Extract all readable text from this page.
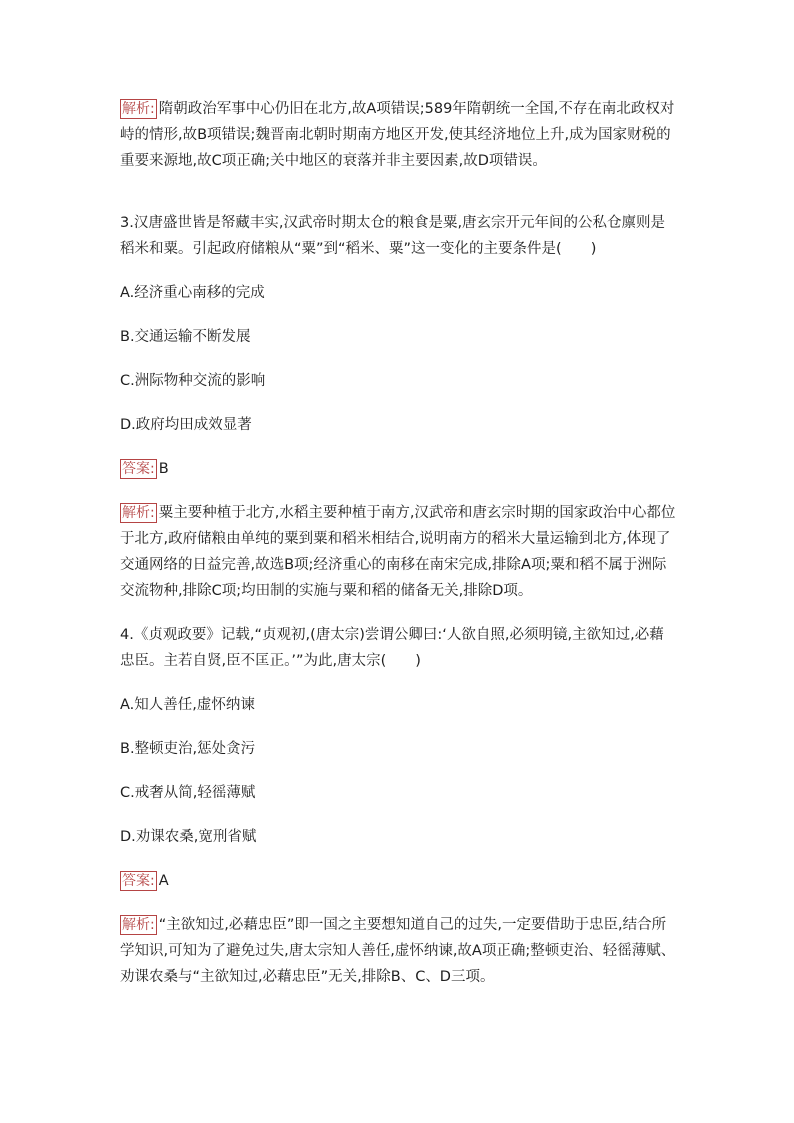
解析: 隋朝政治军事中心仍旧在北方,故A项错误;589年隋朝统一全国,不存在南北政权对峙的情形,故B项错误;魏晋南北朝时期南方地区开发,使其经济地位上升,成为国家财税的重要来源地,故C项正确;关中地区的衰落并非主要因素,故D项错误。

3.汉唐盛世皆是帑藏丰实,汉武帝时期太仓的粮食是粟,唐玄宗开元年间的公私仓廪则是稻米和粟。引起政府储粮从“粟”到“稻米、粟”这一变化的主要条件是(　　)

A.经济重心南移的完成

B.交通运输不断发展

C.洲际物种交流的影响

D.政府均田成效显著

答案: B

解析: 粟主要种植于北方,水稻主要种植于南方,汉武帝和唐玄宗时期的国家政治中心都位于北方,政府储粮由单纯的粟到粟和稻米相结合,说明南方的稻米大量运输到北方,体现了交通网络的日益完善,故选B项;经济重心的南移在南宋完成,排除A项;粟和稻不属于洲际交流物种,排除C项;均田制的实施与粟和稻的储备无关,排除D项。

4.《贞观政要》记载,“贞观初,(唐太宗)尝谓公卿曰:‘人欲自照,必须明镜,主欲知过,必藉忠臣。主若自贤,臣不匡正。’”为此,唐太宗(　　)

A.知人善任,虚怀纳谏

B.整顿吏治,惩处贪污

C.戒奢从简,轻徭薄赋

D.劝课农桑,宽刑省赋

答案: A

解析: “主欲知过,必藉忠臣”即一国之主要想知道自己的过失,一定要借助于忠臣,结合所学知识,可知为了避免过失,唐太宗知人善任,虚怀纳谏,故A项正确;整顿吏治、轻徭薄赋、劝课农桑与“主欲知过,必藉忠臣”无关,排除B、C、D三项。
